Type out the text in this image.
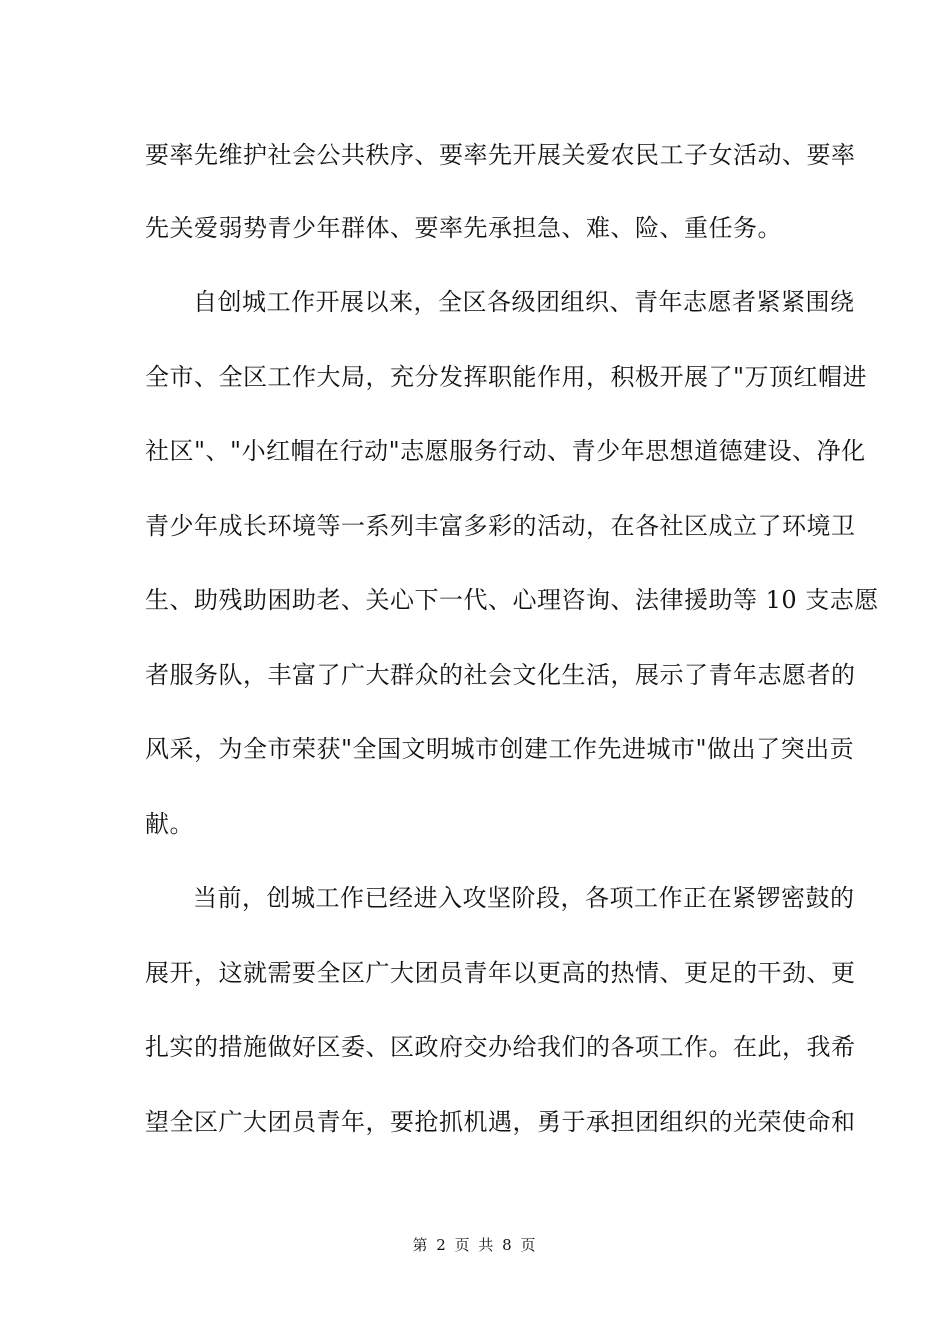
要率先维护社会公共秩序、要率先开展关爱农民工子女活动、要率
先关爱弱势青少年群体、要率先承担急、难、险、重任务。
自创城工作开展以来，全区各级团组织、青年志愿者紧紧围绕
全市、全区工作大局，充分发挥职能作用，积极开展了"万顶红帽进
社区"、"小红帽在行动"志愿服务行动、青少年思想道德建设、净化
青少年成长环境等一系列丰富多彩的活动，在各社区成立了环境卫
生、助残助困助老、关心下一代、心理咨询、法律援助等 10 支志愿
者服务队，丰富了广大群众的社会文化生活，展示了青年志愿者的
风采，为全市荣获"全国文明城市创建工作先进城市"做出了突出贡
献。
当前，创城工作已经进入攻坚阶段，各项工作正在紧锣密鼓的
展开，这就需要全区广大团员青年以更高的热情、更足的干劲、更
扎实的措施做好区委、区政府交办给我们的各项工作。在此，我希
望全区广大团员青年，要抢抓机遇，勇于承担团组织的光荣使命和
第 2 页 共 8 页
